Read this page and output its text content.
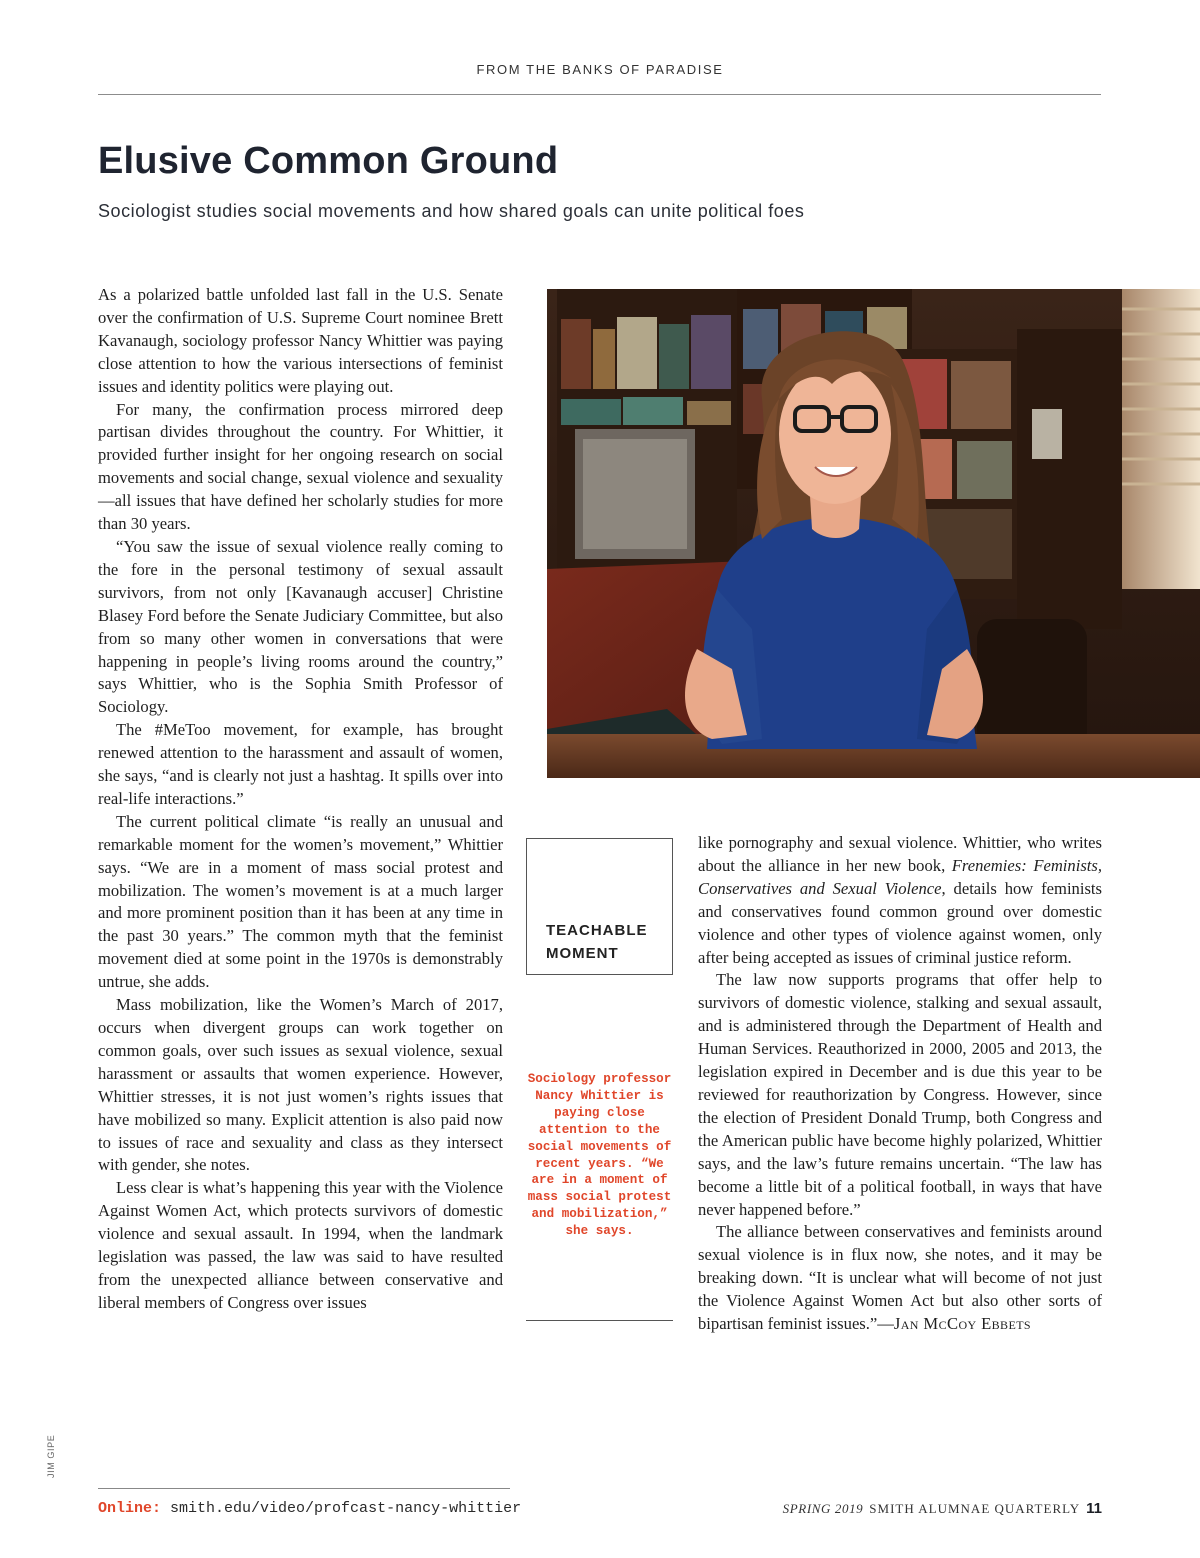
FROM THE BANKS OF PARADISE

Elusive Common Ground

Sociologist studies social movements and how shared goals can unite political foes

As a polarized battle unfolded last fall in the U.S. Senate over the confirmation of U.S. Supreme Court nominee Brett Kavanaugh, sociology professor Nancy Whittier was paying close attention to how the various intersections of feminist issues and identity politics were playing out.

For many, the confirmation process mirrored deep partisan divides throughout the country. For Whittier, it provided further insight for her ongoing research on social movements and social change, sexual violence and sexuality—all issues that have defined her scholarly studies for more than 30 years.

“You saw the issue of sexual violence really coming to the fore in the personal testimony of sexual assault survivors, from not only [Kavanaugh accuser] Christine Blasey Ford before the Senate Judiciary Committee, but also from so many other women in conversations that were happening in people’s living rooms around the country,” says Whittier, who is the Sophia Smith Professor of Sociology.

The #MeToo movement, for example, has brought renewed attention to the harassment and assault of women, she says, “and is clearly not just a hashtag. It spills over into real-life interactions.”

The current political climate “is really an unusual and remarkable moment for the women’s movement,” Whittier says. “We are in a moment of mass social protest and mobilization. The women’s movement is at a much larger and more prominent position than it has been at any time in the past 30 years.” The common myth that the feminist movement died at some point in the 1970s is demonstrably untrue, she adds.

Mass mobilization, like the Women’s March of 2017, occurs when divergent groups can work together on common goals, over such issues as sexual violence, sexual harassment or assaults that women experience. However, Whittier stresses, it is not just women’s rights issues that have mobilized so many. Explicit attention is also paid now to issues of race and sexuality and class as they intersect with gender, she notes.

Less clear is what’s happening this year with the Violence Against Women Act, which protects survivors of domestic violence and sexual assault. In 1994, when the landmark legislation was passed, the law was said to have resulted from the unexpected alliance between conservative and liberal members of Congress over issues

TEACHABLE
MOMENT

Sociology professor Nancy Whittier is paying close attention to the social movements of recent years. “We are in a moment of mass social protest and mobilization,” she says.

like pornography and sexual violence. Whittier, who writes about the alliance in her new book, Frenemies: Feminists, Conservatives and Sexual Violence, details how feminists and conservatives found common ground over domestic violence and other types of violence against women, only after being accepted as issues of criminal justice reform.

The law now supports programs that offer help to survivors of domestic violence, stalking and sexual assault, and is administered through the Department of Health and Human Services. Reauthorized in 2000, 2005 and 2013, the legislation expired in December and is due this year to be reviewed for reauthorization by Congress. However, since the election of President Donald Trump, both Congress and the American public have become highly polarized, Whittier says, and the law’s future remains uncertain. “The law has become a little bit of a political football, in ways that have never happened before.”

The alliance between conservatives and feminists around sexual violence is in flux now, she notes, and it may be breaking down. “It is unclear what will become of not just the Violence Against Women Act but also other sorts of bipartisan feminist issues.”—Jan McCoy Ebbets

JIM GIPE

Online: smith.edu/video/profcast-nancy-whittier	SPRING 2019 SMITH ALUMNAE QUARTERLY 11
